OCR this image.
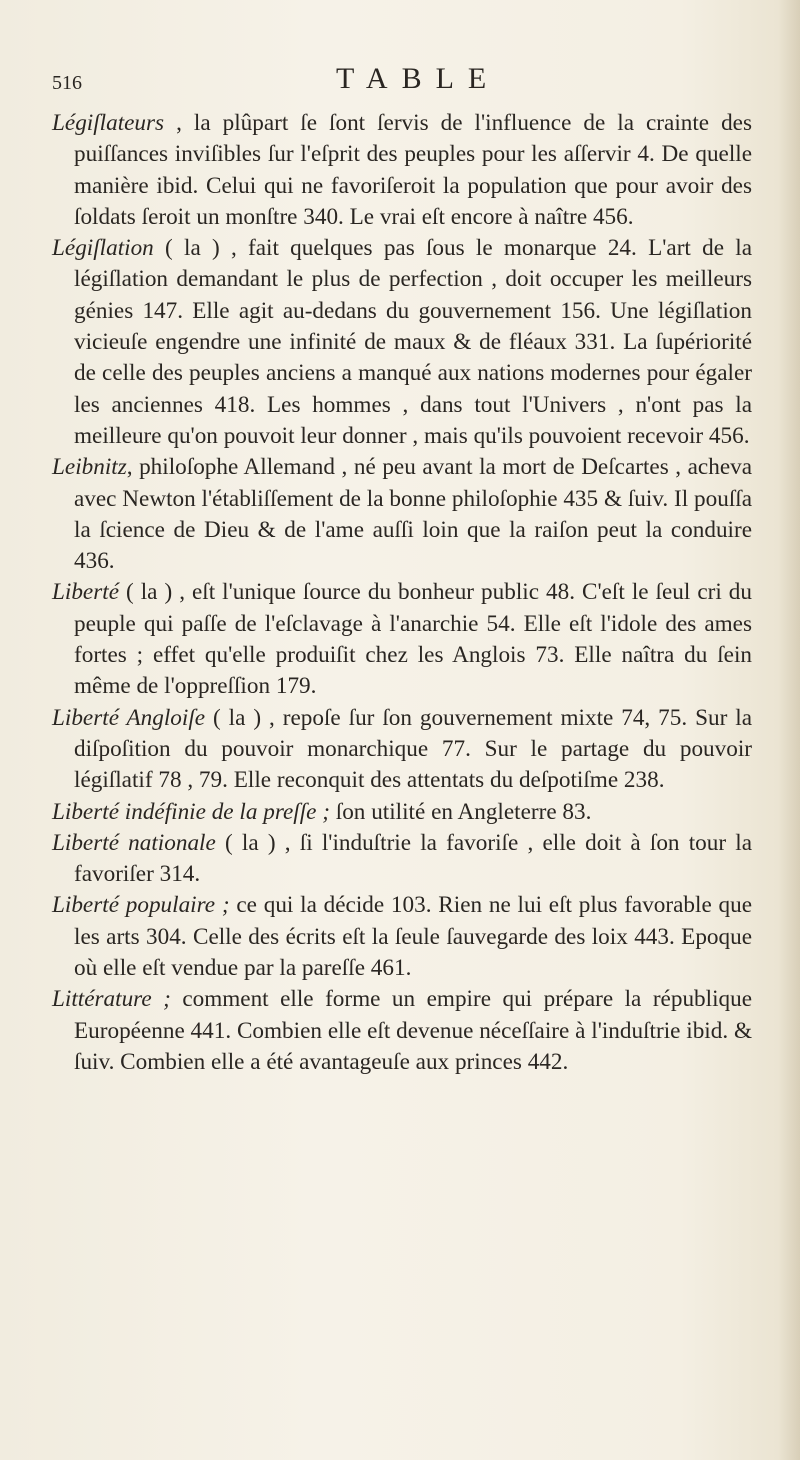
516	TABLE

Légiſlateurs , la plûpart ſe ſont ſervis de l'influence de la crainte des puiſſances inviſibles ſur l'eſprit des peuples pour les aſſervir 4. De quelle manière ibid. Celui qui ne favoriſeroit la population que pour avoir des ſoldats ſeroit un monſtre 340. Le vrai eſt encore à naître 456.

Légiſlation ( la ) , fait quelques pas ſous le monarque 24. L'art de la légiſlation demandant le plus de perfection , doit occuper les meilleurs génies 147. Elle agit au-dedans du gouvernement 156. Une légiſlation vicieuſe engendre une infinité de maux & de fléaux 331. La ſupériorité de celle des peuples anciens a manqué aux nations modernes pour égaler les anciennes 418. Les hommes , dans tout l'Univers , n'ont pas la meilleure qu'on pouvoit leur donner , mais qu'ils pouvoient recevoir 456.

Leibnitz, philoſophe Allemand , né peu avant la mort de Deſcartes , acheva avec Newton l'établiſſement de la bonne philoſophie 435 & ſuiv. Il pouſſa la ſcience de Dieu & de l'ame auſſi loin que la raiſon peut la conduire 436.

Liberté ( la ) , eſt l'unique ſource du bonheur public 48. C'eſt le ſeul cri du peuple qui paſſe de l'eſclavage à l'anarchie 54. Elle eſt l'idole des ames fortes ; effet qu'elle produiſit chez les Anglois 73. Elle naîtra du ſein même de l'oppreſſion 179.

Liberté Angloiſe ( la ) , repoſe ſur ſon gouvernement mixte 74, 75. Sur la diſpoſition du pouvoir monarchique 77. Sur le partage du pouvoir légiſlatif 78 , 79. Elle reconquit des attentats du deſpotiſme 238.

Liberté indéfinie de la preſſe ; ſon utilité en Angleterre 83.

Liberté nationale ( la ) , ſi l'induſtrie la favoriſe , elle doit à ſon tour la favoriſer 314.

Liberté populaire ; ce qui la décide 103. Rien ne lui eſt plus favorable que les arts 304. Celle des écrits eſt la ſeule ſauvegarde des loix 443. Epoque où elle eſt vendue par la pareſſe 461.

Littérature ; comment elle forme un empire qui prépare la république Européenne 441. Combien elle eſt devenue néceſſaire à l'induſtrie ibid. & ſuiv. Combien elle a été avantageuſe aux princes 442.
